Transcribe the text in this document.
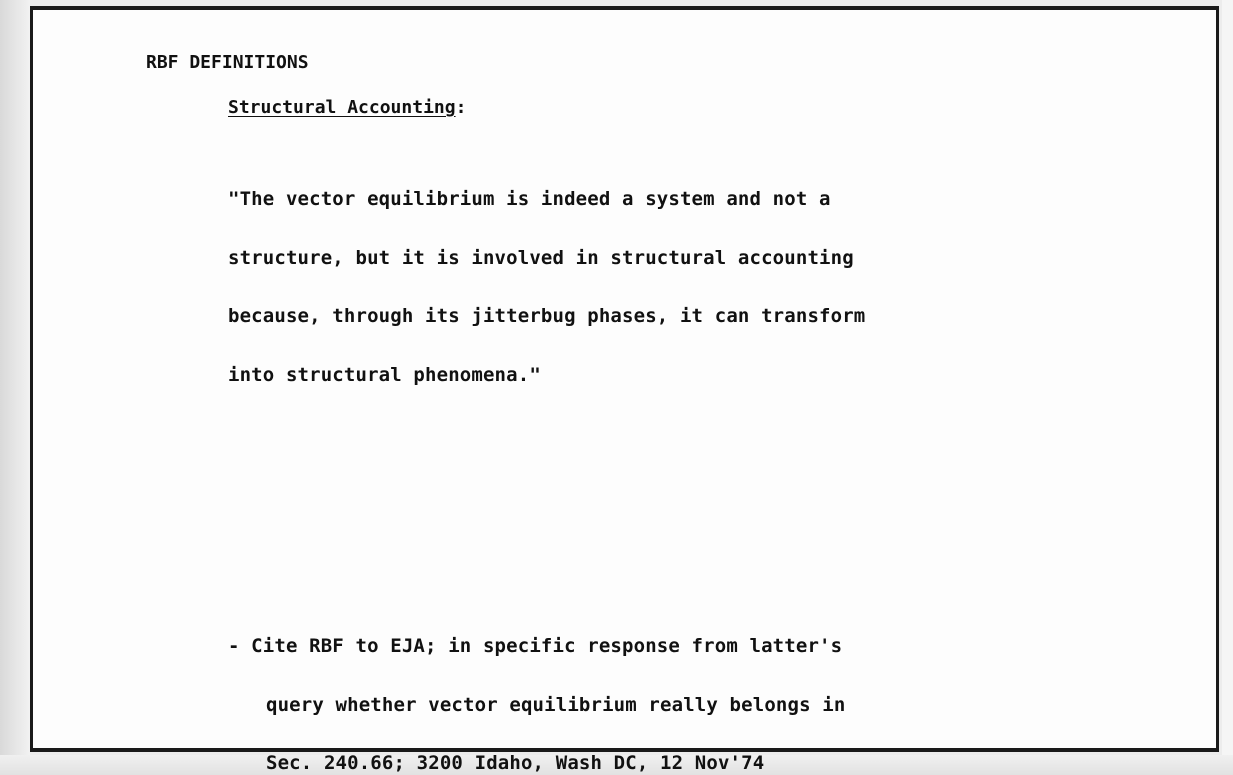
RBF DEFINITIONS

Structural Accounting:

"The vector equilibrium is indeed a system and not a

structure, but it is involved in structural accounting

because, through its jitterbug phases, it can transform

into structural phenomena."

- Cite RBF to EJA; in specific response from latter's

query whether vector equilibrium really belongs in

Sec. 240.66; 3200 Idaho, Wash DC, 12 Nov'74
